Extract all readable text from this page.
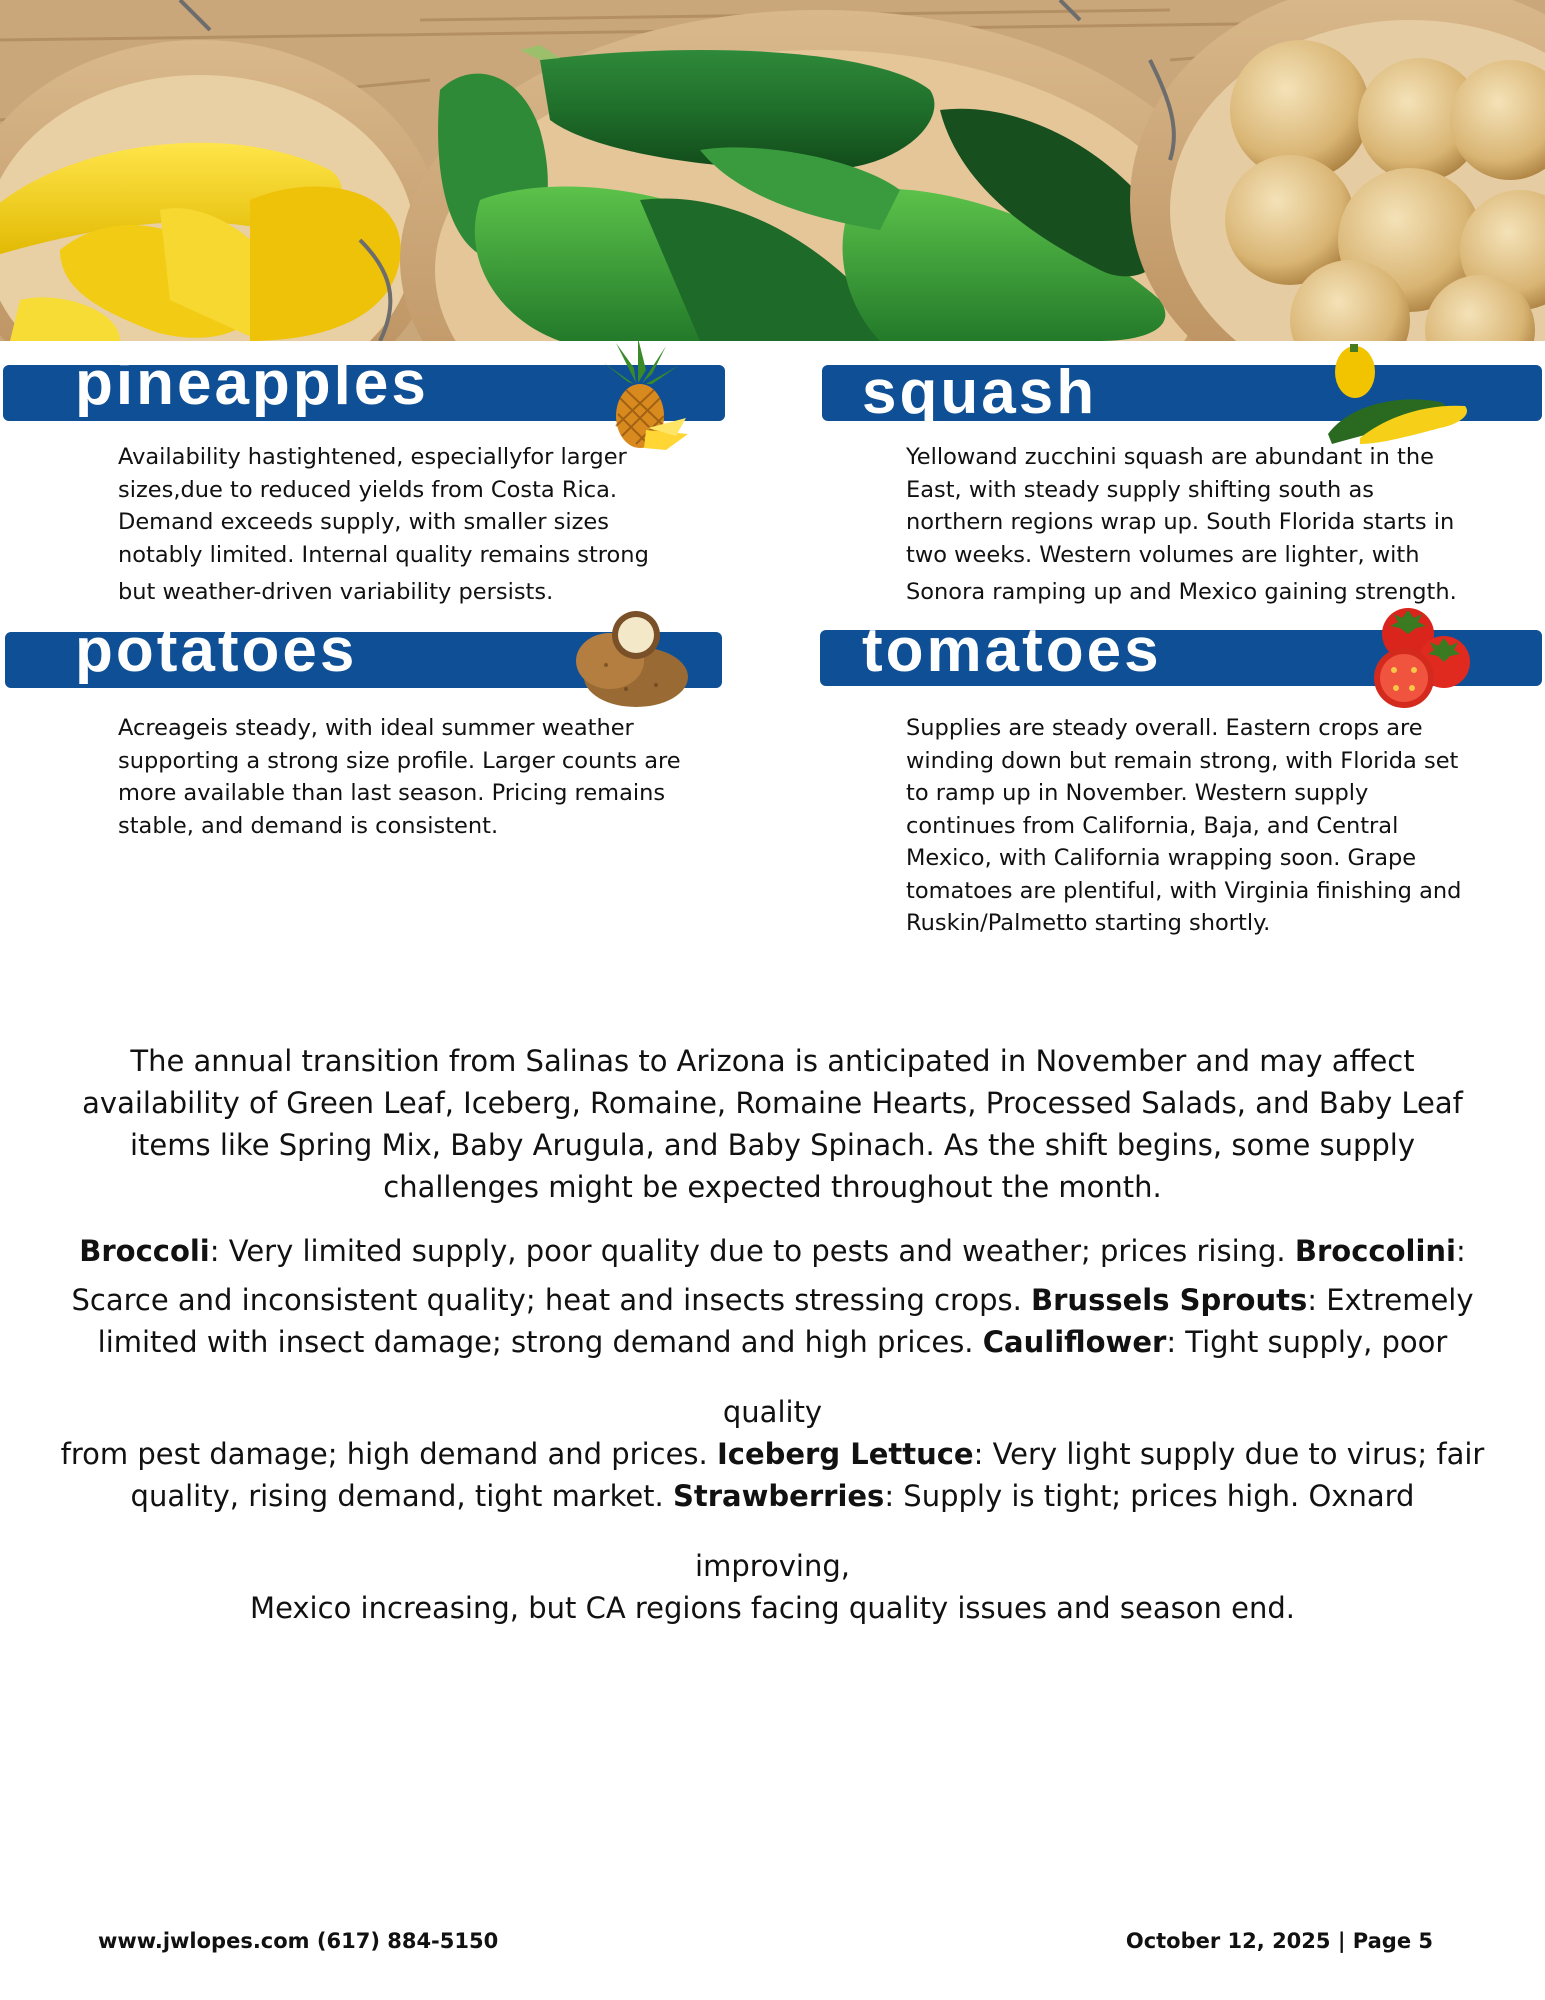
pineapples
Availability hastightened, especiallyfor larger
sizes,due to reduced yields from Costa Rica.
Demand exceeds supply, with smaller sizes
notably limited. Internal quality remains strong
but weather-driven variability persists.
squash
Yellowand zucchini squash are abundant in the
East, with steady supply shifting south as
northern regions wrap up. South Florida starts in
two weeks. Western volumes are lighter, with
Sonora ramping up and Mexico gaining strength.
potatoes
Acreageis steady, with ideal summer weather
supporting a strong size profile. Larger counts are
more available than last season. Pricing remains
stable, and demand is consistent.
tomatoes
Supplies are steady overall. Eastern crops are
winding down but remain strong, with Florida set
to ramp up in November. Western supply
continues from California, Baja, and Central
Mexico, with California wrapping soon. Grape
tomatoes are plentiful, with Virginia finishing and
Ruskin/Palmetto starting shortly.
The annual transition from Salinas to Arizona is anticipated in November and may affect
availability of Green Leaf, Iceberg, Romaine, Romaine Hearts, Processed Salads, and Baby Leaf
items like Spring Mix, Baby Arugula, and Baby Spinach. As the shift begins, some supply
challenges might be expected throughout the month.
Broccoli: Very limited supply, poor quality due to pests and weather; prices rising. Broccolini:
Scarce and inconsistent quality; heat and insects stressing crops. Brussels Sprouts: Extremely
limited with insect damage; strong demand and high prices. Cauliflower: Tight supply, poor
quality
from pest damage; high demand and prices. Iceberg Lettuce: Very light supply due to virus; fair
quality, rising demand, tight market. Strawberries: Supply is tight; prices high. Oxnard
improving,
Mexico increasing, but CA regions facing quality issues and season end.
www.jwlopes.com (617) 884-5150	October 12, 2025 | Page 5
